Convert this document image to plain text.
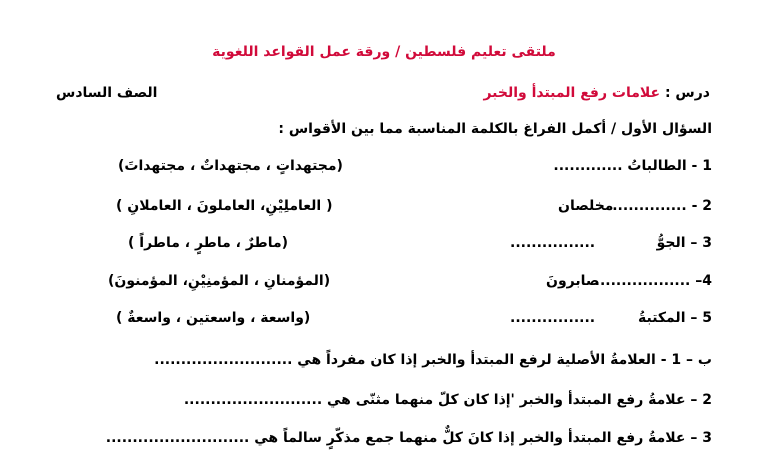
ملتقى تعليم فلسطين / ورقة عمل القواعد اللغوية
درس : علامات رفع المبتدأ والخبر
الصف السادس
السؤال الأول / أكمل الفراغ بالكلمة المناسبة مما بين الأقواس :
1 - الطالباتُ .............
(مجتهداتٍ ، مجتهداتٌ ، مجتهداتَ)
2 - ..............
مخلصان
( العاملِيْنِ، العاملونَ ، العاملانِ )
3 – الجوُّ
................
(ماطرٌ ، ماطرٍ ، ماطراً )
4– ..................
صابرونَ
(المؤمنانِ ، المؤمنِيْنِ، المؤمنونَ)
5 – المكتبةُ
................
(واسعة ، واسعتين ، واسعةٌ )
ب – 1 - العلامةُ الأصلية لرفع المبتدأ والخبر إذا كان مفرداً هي ..........................
2 – علامةُ رفع المبتدأ والخبر 'إذا كان كلّ منهما مثنّى هي ..........................
3 – علامةُ رفع المبتدأ والخبر إذا كانَ كلٌّ منهما جمع مذكّرٍ سالماً هي ...........................
